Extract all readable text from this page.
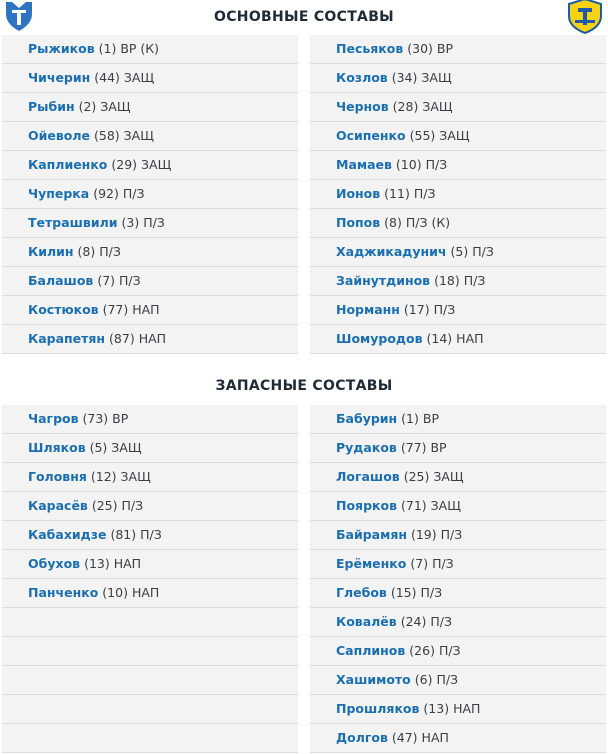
ОСНОВНЫЕ СОСТАВЫ
Рыжиков (1) ВР (К)
Чичерин (44) ЗАЩ
Рыбин (2) ЗАЩ
Ойеволе (58) ЗАЩ
Каплиенко (29) ЗАЩ
Чуперка (92) П/З
Тетрашвили (3) П/З
Килин (8) П/З
Балашов (7) П/З
Костюков (77) НАП
Карапетян (87) НАП
Песьяков (30) ВР
Козлов (34) ЗАЩ
Чернов (28) ЗАЩ
Осипенко (55) ЗАЩ
Мамаев (10) П/З
Ионов (11) П/З
Попов (8) П/З (К)
Хаджикадунич (5) П/З
Зайнутдинов (18) П/З
Норманн (17) П/З
Шомуродов (14) НАП
ЗАПАСНЫЕ СОСТАВЫ
Чагров (73) ВР
Шляков (5) ЗАЩ
Головня (12) ЗАЩ
Карасёв (25) П/З
Кабахидзе (81) П/З
Обухов (13) НАП
Панченко (10) НАП
Бабурин (1) ВР
Рудаков (77) ВР
Логашов (25) ЗАЩ
Поярков (71) ЗАЩ
Байрамян (19) П/З
Ерёменко (7) П/З
Глебов (15) П/З
Ковалёв (24) П/З
Саплинов (26) П/З
Хашимото (6) П/З
Прошляков (13) НАП
Долгов (47) НАП
